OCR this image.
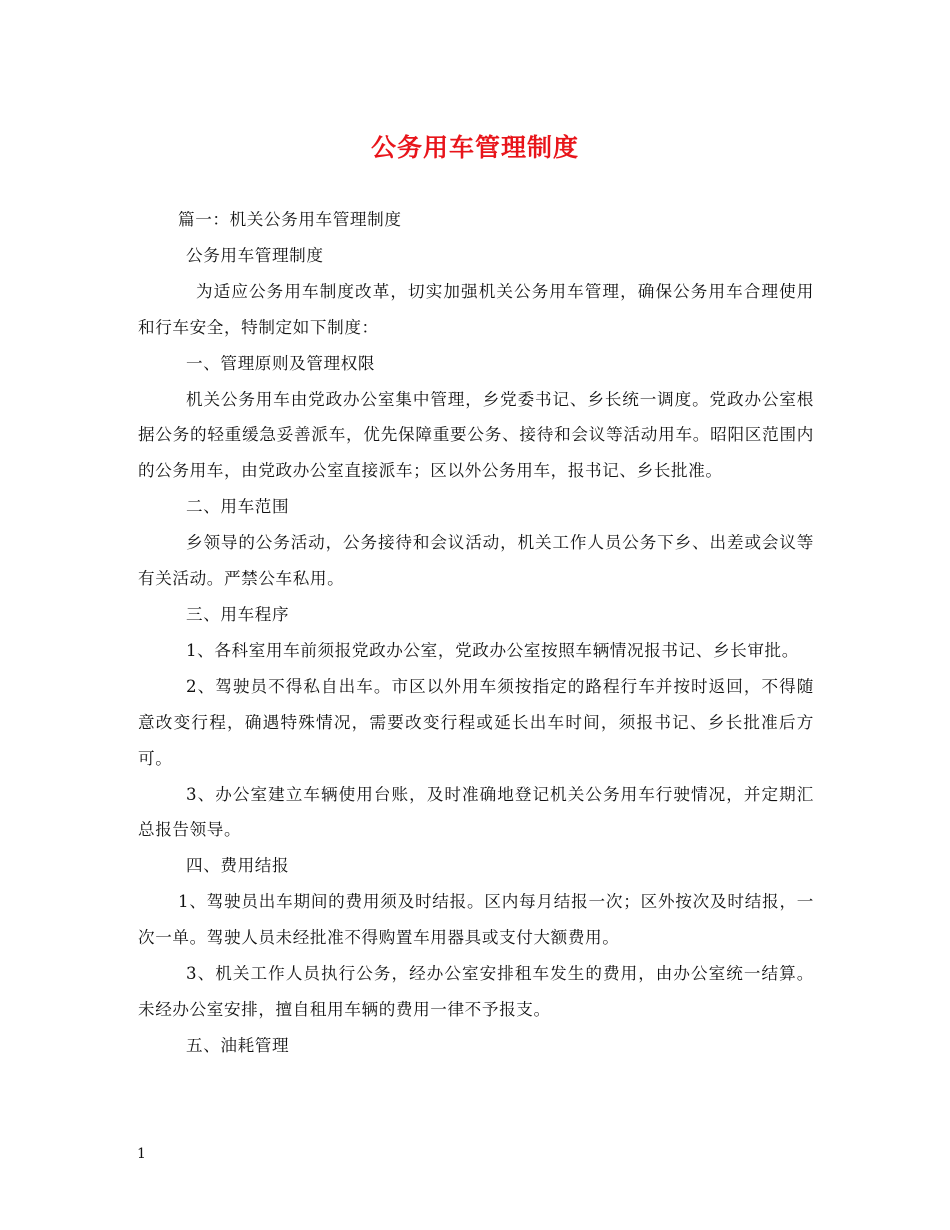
公务用车管理制度

篇一：机关公务用车管理制度

公务用车管理制度

为适应公务用车制度改革，切实加强机关公务用车管理，确保公务用车合理使用和行车安全，特制定如下制度：

一、管理原则及管理权限

机关公务用车由党政办公室集中管理，乡党委书记、乡长统一调度。党政办公室根据公务的轻重缓急妥善派车，优先保障重要公务、接待和会议等活动用车。昭阳区范围内的公务用车，由党政办公室直接派车；区以外公务用车，报书记、乡长批准。

二、用车范围

乡领导的公务活动，公务接待和会议活动，机关工作人员公务下乡、出差或会议等有关活动。严禁公车私用。

三、用车程序

1、各科室用车前须报党政办公室，党政办公室按照车辆情况报书记、乡长审批。

2、驾驶员不得私自出车。市区以外用车须按指定的路程行车并按时返回，不得随意改变行程，确遇特殊情况，需要改变行程或延长出车时间，须报书记、乡长批准后方可。

3、办公室建立车辆使用台账，及时准确地登记机关公务用车行驶情况，并定期汇总报告领导。

四、费用结报

1、驾驶员出车期间的费用须及时结报。区内每月结报一次；区外按次及时结报，一次一单。驾驶人员未经批准不得购置车用器具或支付大额费用。

3、机关工作人员执行公务，经办公室安排租车发生的费用，由办公室统一结算。未经办公室安排，擅自租用车辆的费用一律不予报支。

五、油耗管理

1
